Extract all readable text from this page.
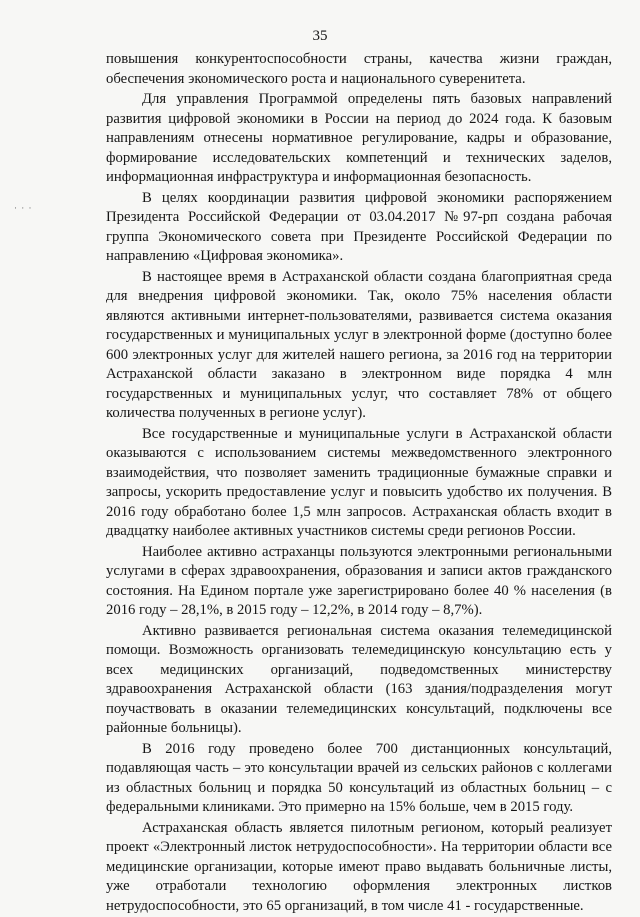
35
· · ·

повышения конкурентоспособности страны, качества жизни граждан, обеспечения экономического роста и национального суверенитета.

Для управления Программой определены пять базовых направлений развития цифровой экономики в России на период до 2024 года. К базовым направлениям отнесены нормативное регулирование, кадры и образование, формирование исследовательских компетенций и технических заделов, информационная инфраструктура и информационная безопасность.

В целях координации развития цифровой экономики распоряжением Президента Российской Федерации от 03.04.2017 №97-рп создана рабочая группа Экономического совета при Президенте Российской Федерации по направлению «Цифровая экономика».

В настоящее время в Астраханской области создана благоприятная среда для внедрения цифровой экономики. Так, около 75% населения области являются активными интернет-пользователями, развивается система оказания государственных и муниципальных услуг в электронной форме (доступно более 600 электронных услуг для жителей нашего региона, за 2016 год на территории Астраханской области заказано в электронном виде порядка 4 млн государственных и муниципальных услуг, что составляет 78% от общего количества полученных в регионе услуг).

Все государственные и муниципальные услуги в Астраханской области оказываются с использованием системы межведомственного электронного взаимодействия, что позволяет заменить традиционные бумажные справки и запросы, ускорить предоставление услуг и повысить удобство их получения. В 2016 году обработано более 1,5 млн запросов. Астраханская область входит в двадцатку наиболее активных участников системы среди регионов России.

Наиболее активно астраханцы пользуются электронными региональными услугами в сферах здравоохранения, образования и записи актов гражданского состояния. На Едином портале уже зарегистрировано более 40 % населения (в 2016 году – 28,1%, в 2015 году – 12,2%, в 2014 году – 8,7%).

Активно развивается региональная система оказания телемедицинской помощи. Возможность организовать телемедицинскую консультацию есть у всех медицинских организаций, подведомственных министерству здравоохранения Астраханской области (163 здания/подразделения могут поучаствовать в оказании телемедицинских консультаций, подключены все районные больницы).

В 2016 году проведено более 700 дистанционных консультаций, подавляющая часть – это консультации врачей из сельских районов с коллегами из областных больниц и порядка 50 консультаций из областных больниц – с федеральными клиниками. Это примерно на 15% больше, чем в 2015 году.

Астраханская область является пилотным регионом, который реализует проект «Электронный листок нетрудоспособности». На территории области все медицинские организации, которые имеют право выдавать больничные листы, уже отработали технологию оформления электронных листков нетрудоспособности, это 65 организаций, в том числе 41 - государственные.
